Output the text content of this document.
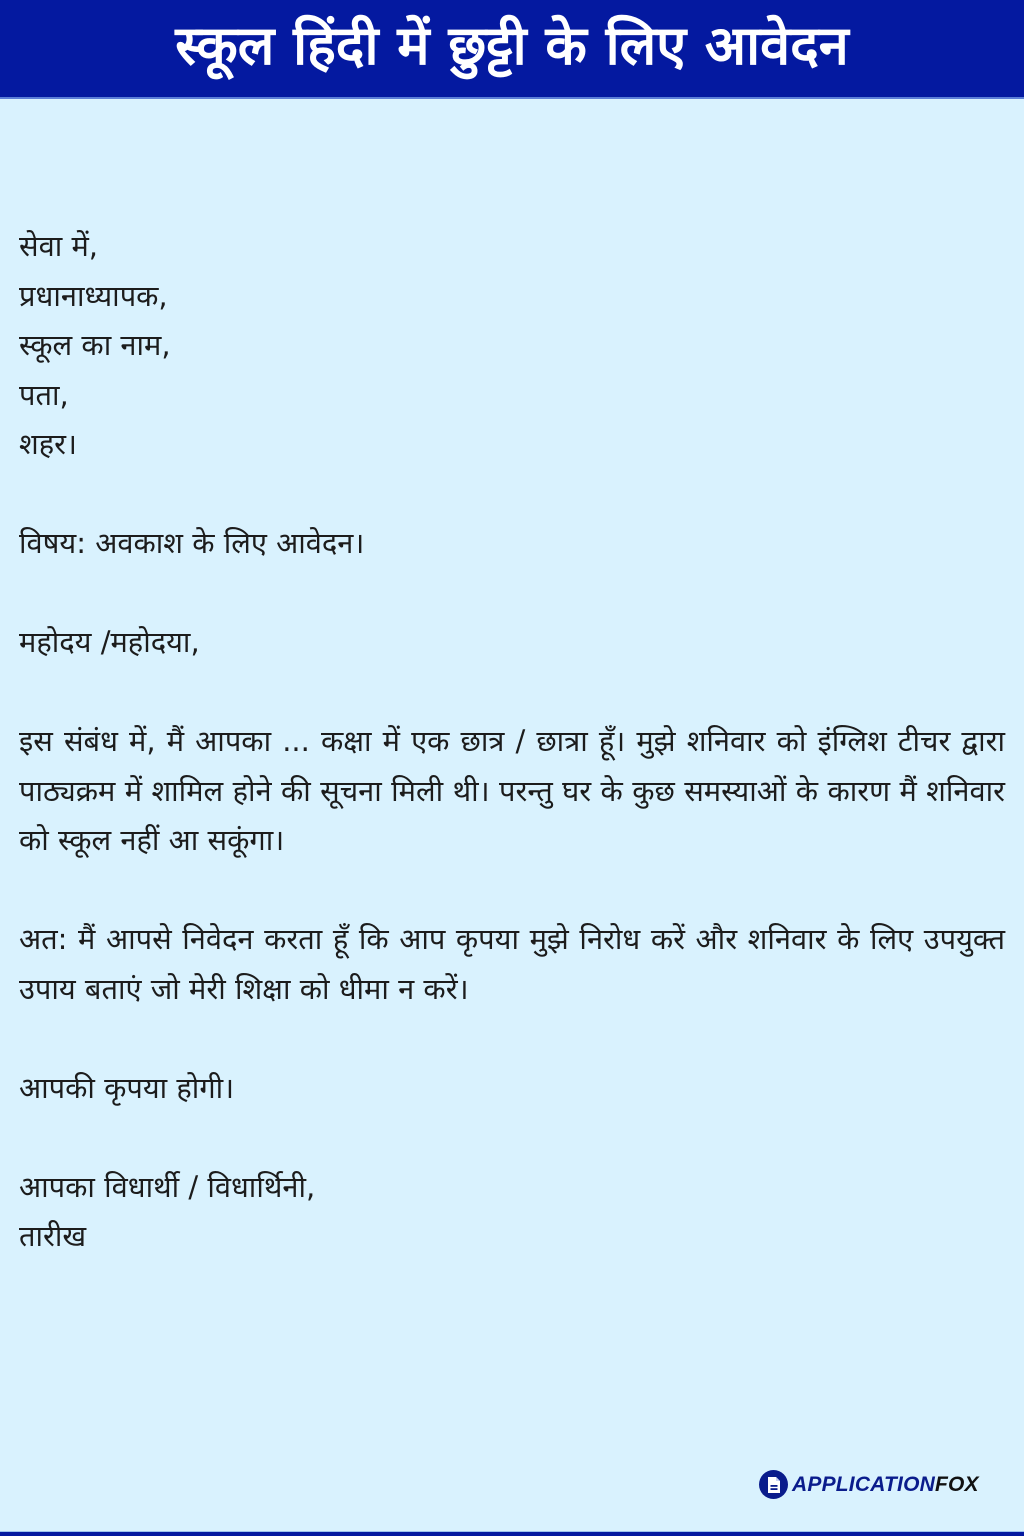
स्कूल हिंदी में छुट्टी के लिए आवेदन
सेवा में,
प्रधानाध्यापक,
स्कूल का नाम,
पता,
शहर।
विषय: अवकाश के लिए आवेदन।
महोदय /महोदया,
इस संबंध में, मैं आपका ... कक्षा में एक छात्र / छात्रा हूँ। मुझे शनिवार को इंग्लिश टीचर द्वारा पाठ्यक्रम में शामिल होने की सूचना मिली थी। परन्तु घर के कुछ समस्याओं के कारण मैं शनिवार को स्कूल नहीं आ सकूंगा।
अत: मैं आपसे निवेदन करता हूँ कि आप कृपया मुझे निरोध करें और शनिवार के लिए उपयुक्त उपाय बताएं जो मेरी शिक्षा को धीमा न करें।
आपकी कृपया होगी।
आपका विधार्थी / विधार्थिनी,
तारीख
APPLICATIONFOX
